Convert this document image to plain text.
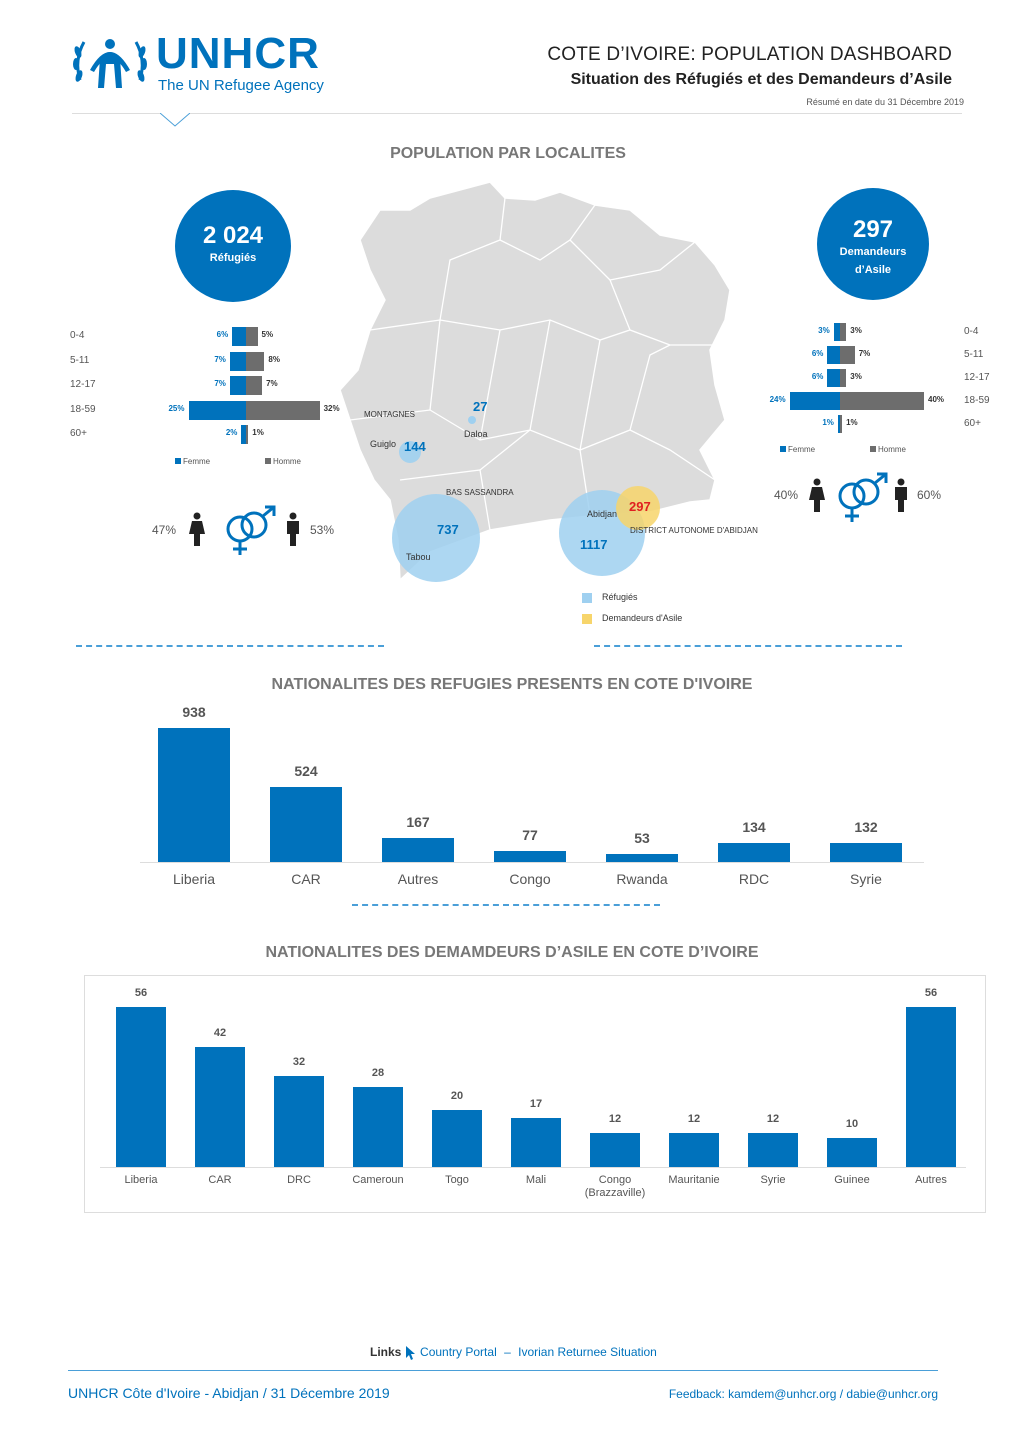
UNHCR
The UN Refugee Agency
COTE D’IVOIRE: POPULATION DASHBOARD
Situation des Réfugiés et des Demandeurs d’Asile
Résumé en date du 31 Décembre 2019
POPULATION PAR LOCALITES
2 024
Réfugiés
297
Demandeurs
d’Asile
MONTAGNES
BAS SASSANDRA
DISTRICT AUTONOME D'ABIDJAN
Guiglo 144
Daloa
27
Tabou
737
Abidjan 297
1117
Réfugiés
Demandeurs d'Asile
0-4	6%	5%
5-11	7%	8%
12-17	7%	7%
18-59	25%	32%
60+	2% 1%
Femme	Homme
47%	53%
0-4
3%	3%
5-11
6%	7%
12-17
6%	3%
18-59
24%	40%
60+
1% 1%
Femme	Homme
40%	60%
NATIONALITES DES REFUGIES PRESENTS EN COTE D'IVOIRE
938
Liberia
524
CAR
167
Autres
77
Congo
53
Rwanda
134
RDC
132
Syrie
NATIONALITES DES DEMAMDEURS D’ASILE EN COTE D’IVOIRE
56
Liberia
42
CAR
32
DRC
28
Cameroun
20
Togo
17
Mali
12
Congo (Brazzaville)
12
Mauritanie
12
Syrie
10
Guinee
56
Autres
Links Country Portal – Ivorian Returnee Situation
UNHCR Côte d'Ivoire - Abidjan / 31 Décembre 2019	Feedback: kamdem@unhcr.org / dabie@unhcr.org
